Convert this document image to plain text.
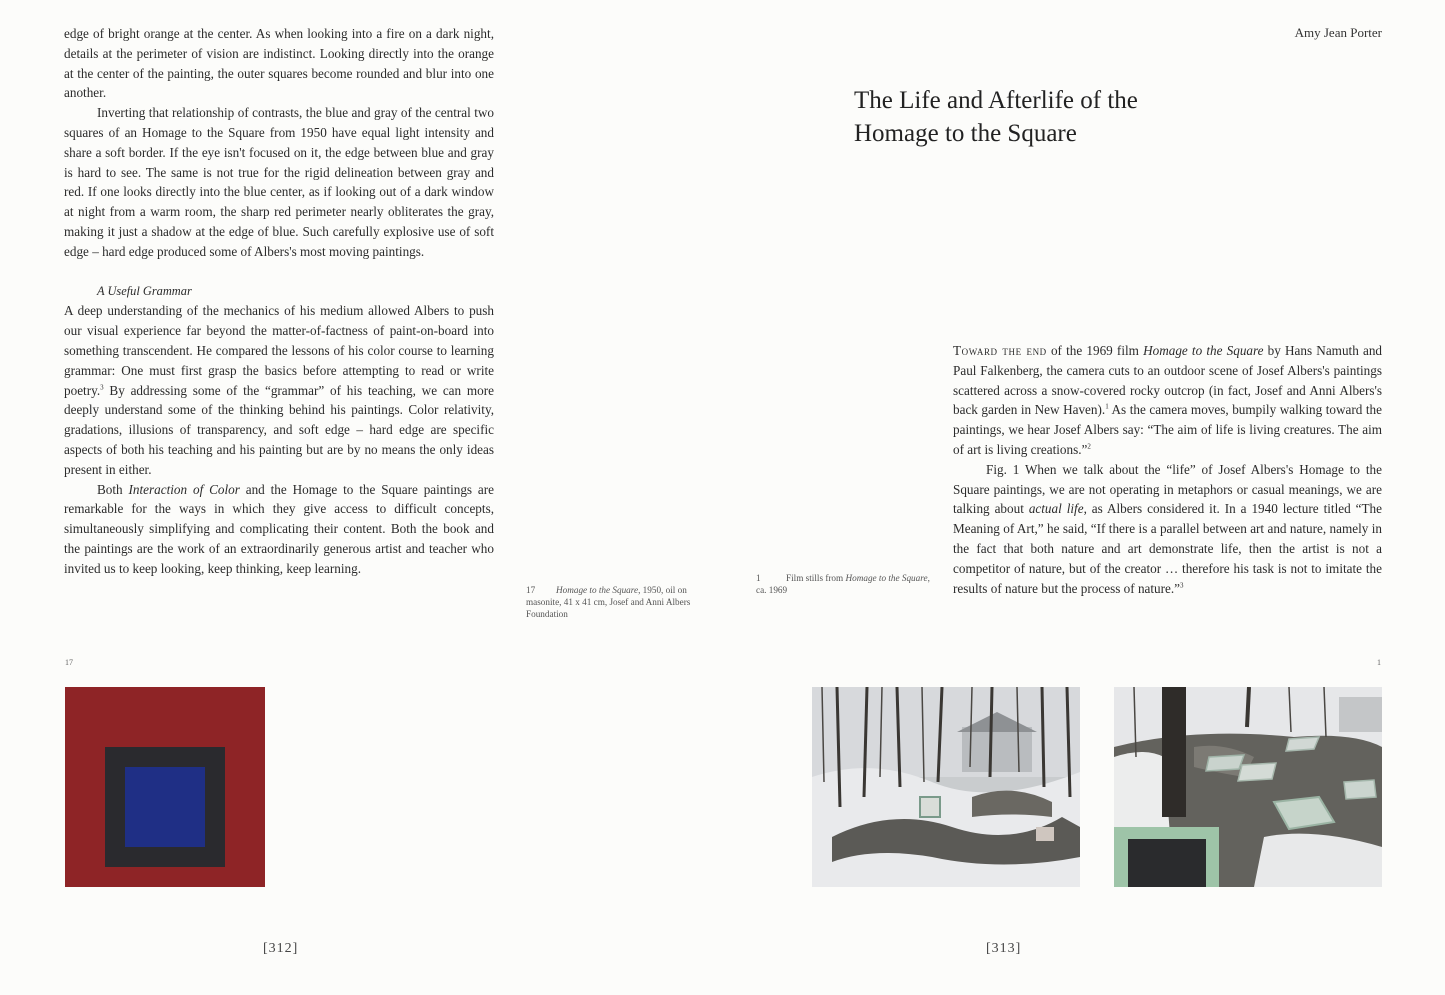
edge of bright orange at the center. As when looking into a fire on a dark night, details at the perimeter of vision are indistinct. Looking directly into the orange at the center of the painting, the outer squares become rounded and blur into one another.

Inverting that relationship of contrasts, the blue and gray of the central two squares of an Homage to the Square from 1950 have equal light intensity and share a soft border. If the eye isn't focused on it, the edge between blue and gray is hard to see. The same is not true for the rigid delineation between gray and red. If one looks directly into the blue center, as if looking out of a dark window at night from a warm room, the sharp red perimeter nearly obliterates the gray, making it just a shadow at the edge of blue. Such carefully explosive use of soft edge – hard edge produced some of Albers's most moving paintings.

A Useful Grammar

A deep understanding of the mechanics of his medium allowed Albers to push our visual experience far beyond the matter-of-factness of paint-on-board into something transcendent. He compared the lessons of his color course to learning grammar: One must first grasp the basics before attempting to read or write poetry.$^3$ By addressing some of the “grammar” of his teaching, we can more deeply understand some of the thinking behind his paintings. Color relativity, gradations, illusions of transparency, and soft edge – hard edge are specific aspects of both his teaching and his painting but are by no means the only ideas present in either.

Both Interaction of Color and the Homage to the Square paintings are remarkable for the ways in which they give access to difficult concepts, simultaneously simplifying and complicating their content. Both the book and the paintings are the work of an extraordinarily generous artist and teacher who invited us to keep looking, keep thinking, keep learning.

17 Homage to the Square, 1950, oil on masonite, 41 x 41 cm, Josef and Anni Albers Foundation
17
[312]
Amy Jean Porter
The Life and Afterlife of the
Homage to the Square

Toward the end of the 1969 film Homage to the Square by Hans Namuth and Paul Falkenberg, the camera cuts to an outdoor scene of Josef Albers's paintings scattered across a snow-covered rocky outcrop (in fact, Josef and Anni Albers's back garden in New Haven).$^1$ As the camera moves, bumpily walking toward the paintings, we hear Josef Albers say: “The aim of life is living creatures. The aim of art is living creations.”$^2$

Fig. 1 When we talk about the “life” of Josef Albers's Homage to the Square paintings, we are not operating in metaphors or casual meanings, we are talking about actual life, as Albers considered it. In a 1940 lecture titled “The Meaning of Art,” he said, “If there is a parallel between art and nature, namely in the fact that both nature and art demonstrate life, then the artist is not a competitor of nature, but of the creator … therefore his task is not to imitate the results of nature but the process of nature.”$^3$

1	Film stills from Homage to the Square, ca. 1969
1
[313]
